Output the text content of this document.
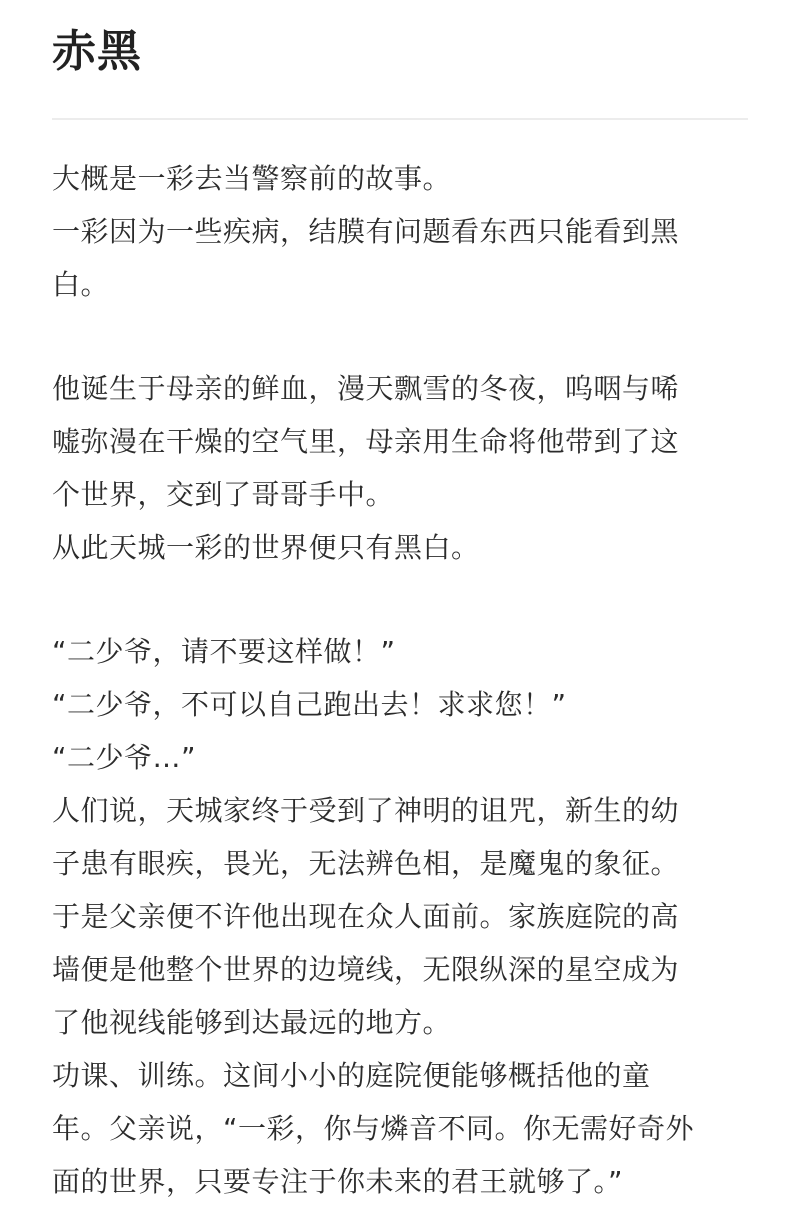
赤黑

大概是一彩去当警察前的故事。
一彩因为一些疾病，结膜有问题看东西只能看到黑
白。

他诞生于母亲的鲜血，漫天飘雪的冬夜，呜咽与唏
嘘弥漫在干燥的空气里，母亲用生命将他带到了这
个世界，交到了哥哥手中。
从此天城一彩的世界便只有黑白。

“二少爷，请不要这样做！”
“二少爷，不可以自己跑出去！求求您！”
“二少爷…”
人们说，天城家终于受到了神明的诅咒，新生的幼
子患有眼疾，畏光，无法辨色相，是魔鬼的象征。
于是父亲便不许他出现在众人面前。家族庭院的高
墙便是他整个世界的边境线，无限纵深的星空成为
了他视线能够到达最远的地方。
功课、训练。这间小小的庭院便能够概括他的童
年。父亲说，“一彩，你与燐音不同。你无需好奇外
面的世界，只要专注于你未来的君王就够了。”
